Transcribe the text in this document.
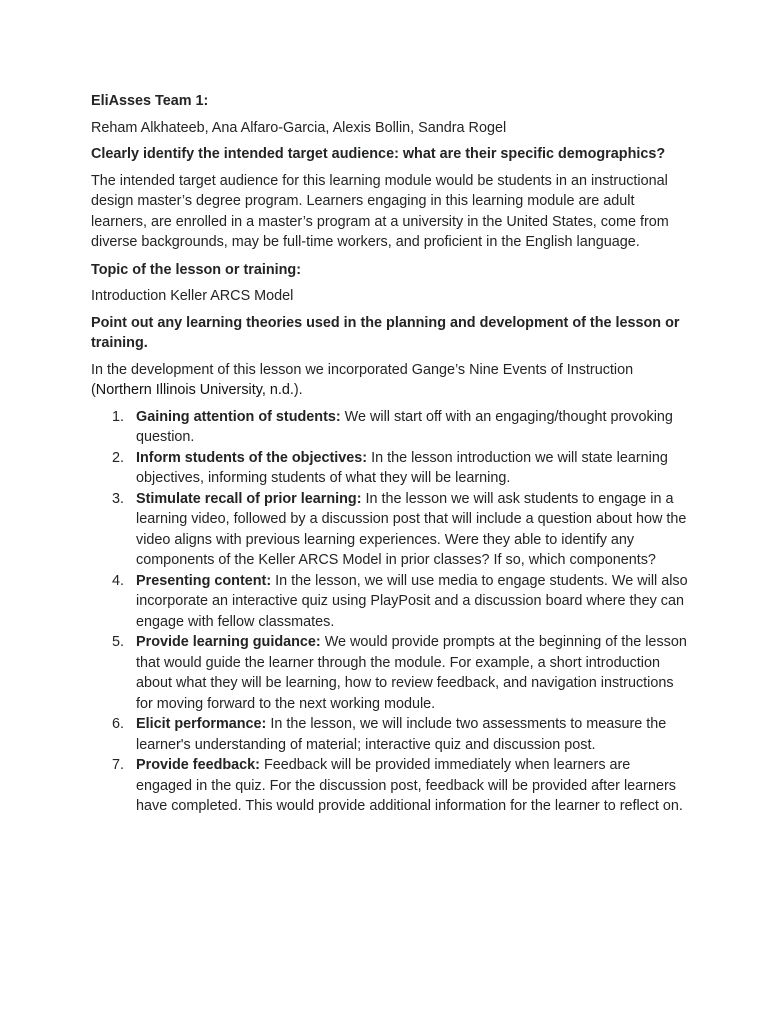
EliAsses Team 1:

Reham Alkhateeb, Ana Alfaro-Garcia, Alexis Bollin, Sandra Rogel

Clearly identify the intended target audience: what are their specific demographics?

The intended target audience for this learning module would be students in an instructional design master’s degree program. Learners engaging in this learning module are adult learners, are enrolled in a master’s program at a university in the United States, come from diverse backgrounds, may be full-time workers, and proficient in the English language.

Topic of the lesson or training:

Introduction Keller ARCS Model

Point out any learning theories used in the planning and development of the lesson or training.

In the development of this lesson we incorporated Gange’s Nine Events of Instruction (Northern Illinois University, n.d.).

1. Gaining attention of students: We will start off with an engaging/thought provoking question.
2. Inform students of the objectives: In the lesson introduction we will state learning objectives, informing students of what they will be learning.
3. Stimulate recall of prior learning: In the lesson we will ask students to engage in a learning video, followed by a discussion post that will include a question about how the video aligns with previous learning experiences. Were they able to identify any components of the Keller ARCS Model in prior classes? If so, which components?
4. Presenting content: In the lesson, we will use media to engage students. We will also incorporate an interactive quiz using PlayPosit and a discussion board where they can engage with fellow classmates.
5. Provide learning guidance: We would provide prompts at the beginning of the lesson that would guide the learner through the module. For example, a short introduction about what they will be learning, how to review feedback, and navigation instructions for moving forward to the next working module.
6. Elicit performance: In the lesson, we will include two assessments to measure the learner's understanding of material; interactive quiz and discussion post.
7. Provide feedback: Feedback will be provided immediately when learners are engaged in the quiz. For the discussion post, feedback will be provided after learners have completed. This would provide additional information for the learner to reflect on.
